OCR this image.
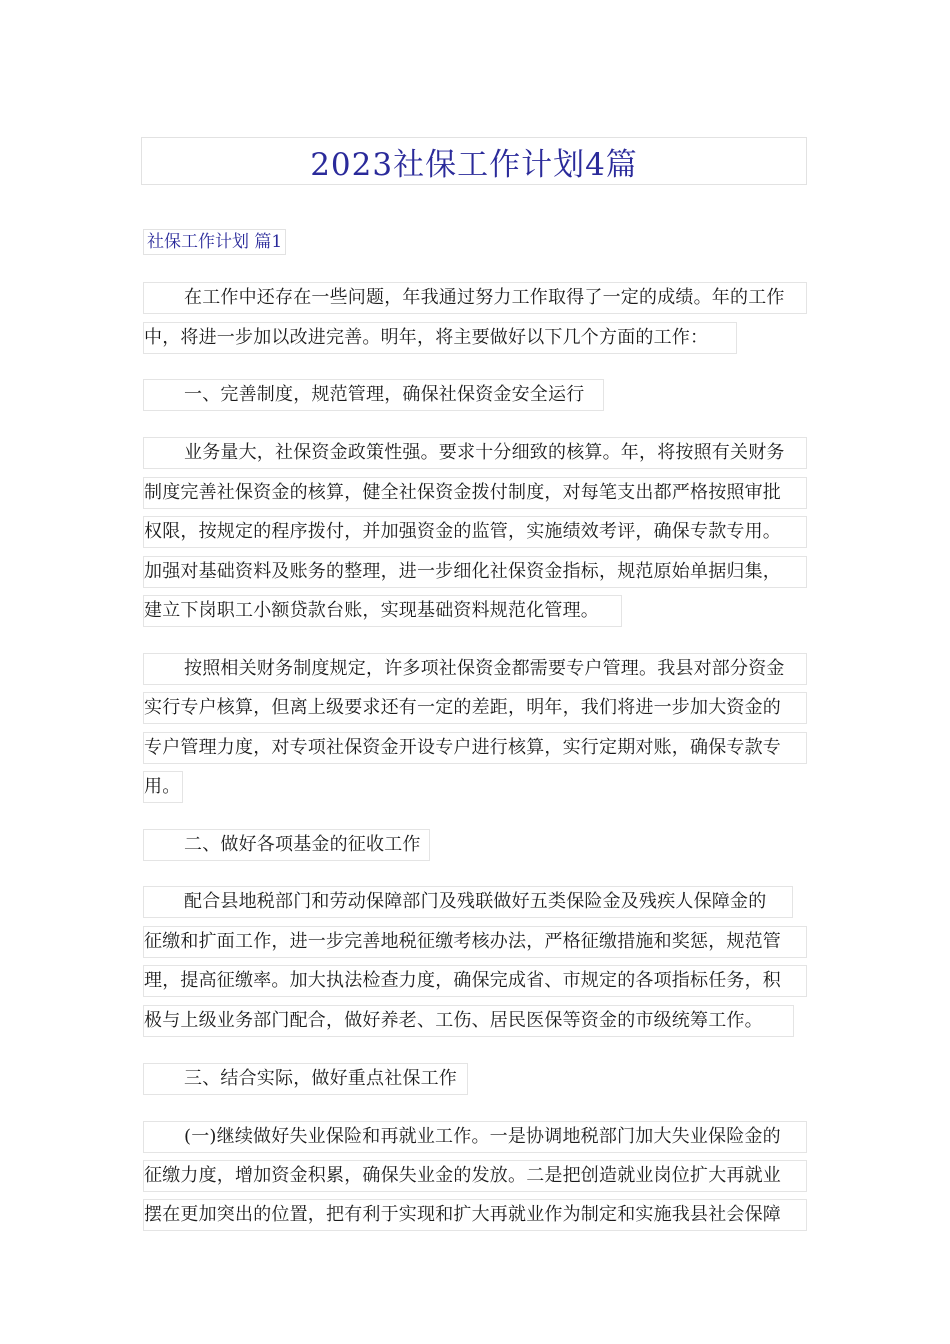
2023社保工作计划4篇
社保工作计划 篇1
在工作中还存在一些问题，年我通过努力工作取得了一定的成绩。年的工作
中，将进一步加以改进完善。明年，将主要做好以下几个方面的工作：
一、完善制度，规范管理，确保社保资金安全运行
业务量大，社保资金政策性强。要求十分细致的核算。年，将按照有关财务
制度完善社保资金的核算，健全社保资金拨付制度，对每笔支出都严格按照审批
权限，按规定的程序拨付，并加强资金的监管，实施绩效考评，确保专款专用。
加强对基础资料及账务的整理，进一步细化社保资金指标，规范原始单据归集，
建立下岗职工小额贷款台账，实现基础资料规范化管理。
按照相关财务制度规定，许多项社保资金都需要专户管理。我县对部分资金
实行专户核算，但离上级要求还有一定的差距，明年，我们将进一步加大资金的
专户管理力度，对专项社保资金开设专户进行核算，实行定期对账，确保专款专
用。
二、做好各项基金的征收工作
配合县地税部门和劳动保障部门及残联做好五类保险金及残疾人保障金的
征缴和扩面工作，进一步完善地税征缴考核办法，严格征缴措施和奖惩，规范管
理，提高征缴率。加大执法检查力度，确保完成省、市规定的各项指标任务，积
极与上级业务部门配合，做好养老、工伤、居民医保等资金的市级统筹工作。
三、结合实际，做好重点社保工作
(一)继续做好失业保险和再就业工作。一是协调地税部门加大失业保险金的
征缴力度，增加资金积累，确保失业金的发放。二是把创造就业岗位扩大再就业
摆在更加突出的位置，把有利于实现和扩大再就业作为制定和实施我县社会保障
